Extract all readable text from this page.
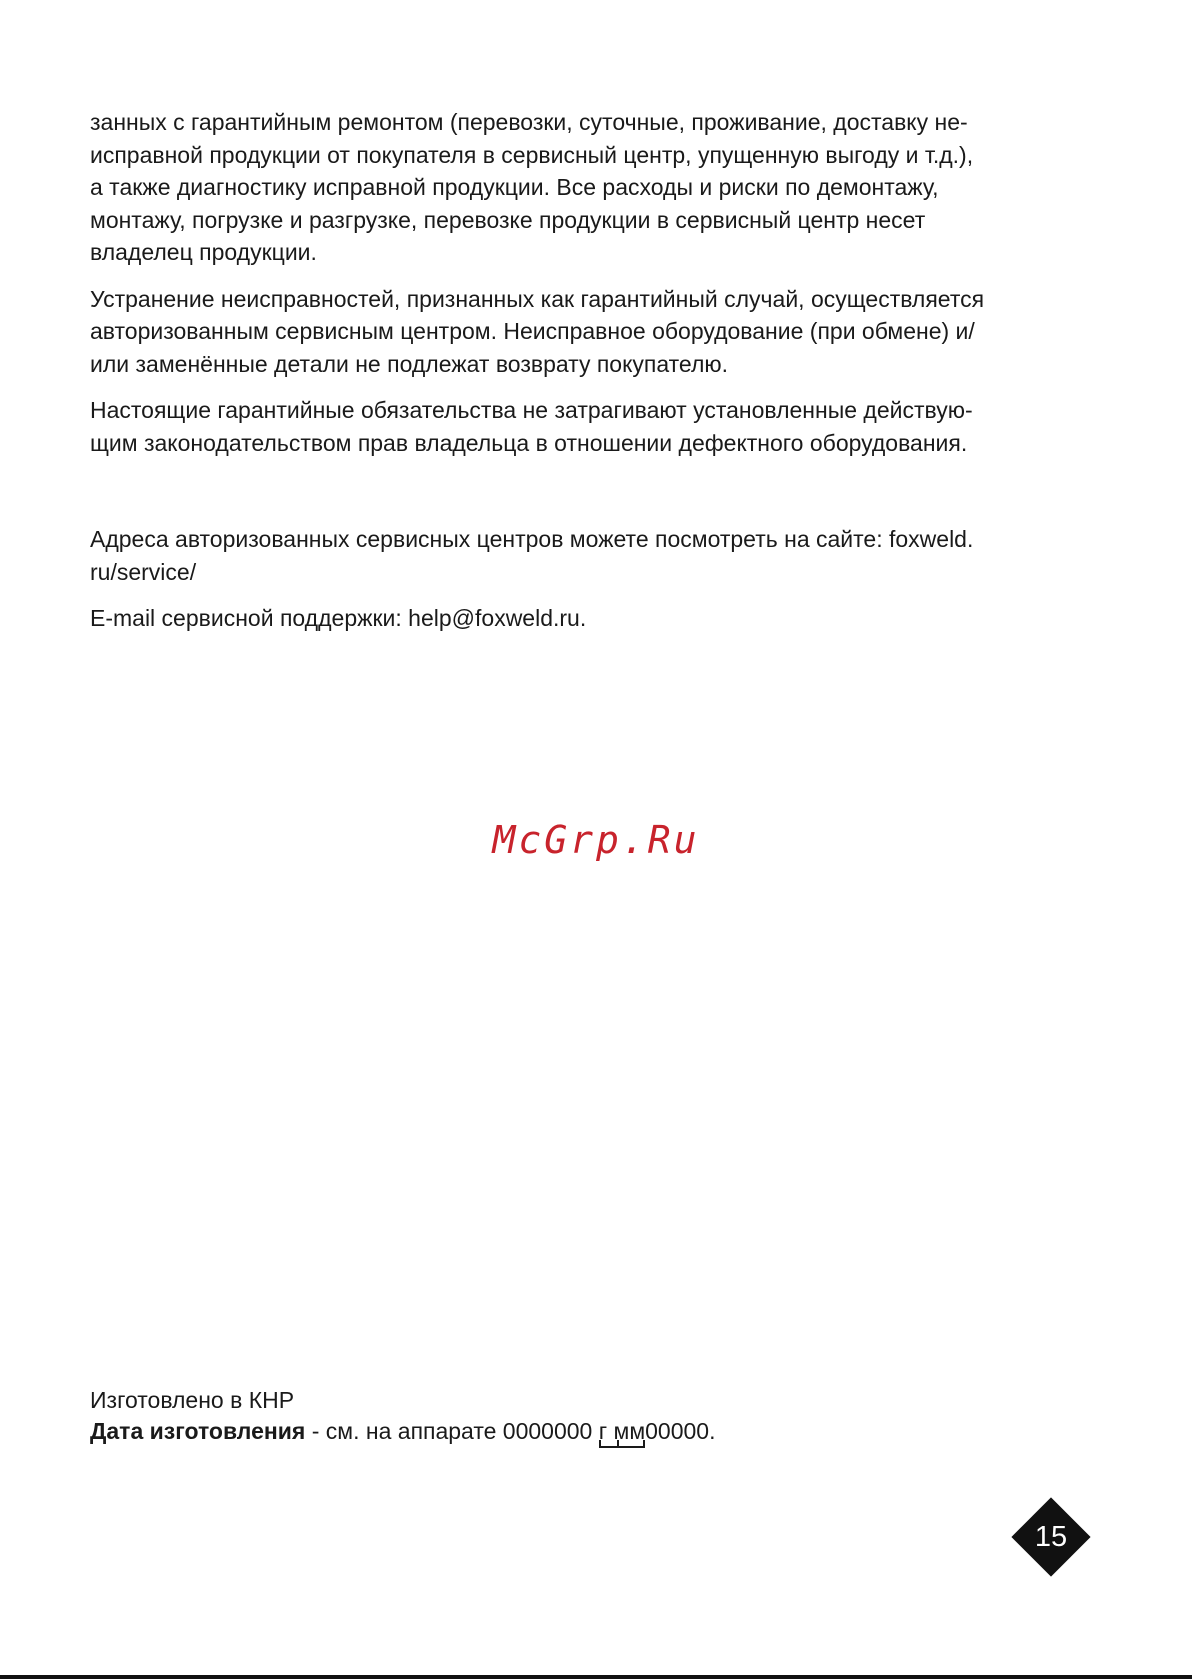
занных с гарантийным ремонтом (перевозки, суточные, проживание, доставку не-
исправной продукции от покупателя в сервисный центр, упущенную выгоду и т.д.),
а также диагностику исправной продукции. Все расходы и риски по демонтажу,
монтажу, погрузке и разгрузке, перевозке продукции в сервисный центр несет
владелец продукции.

Устранение неисправностей, признанных как гарантийный случай, осуществляется
авторизованным сервисным центром. Неисправное оборудование (при обмене) и/
или заменённые детали не подлежат возврату покупателю.

Настоящие гарантийные обязательства не затрагивают установленные действую-
щим законодательством прав владельца в отношении дефектного оборудования.

Адреса авторизованных сервисных центров можете посмотреть на сайте: foxweld.
ru/service/

E-mail сервисной поддержки: help@foxweld.ru.

McGrp.Ru
Изготовлено в КНР
Дата изготовления - см. на аппарате 0000000 г мм
00000.
15
